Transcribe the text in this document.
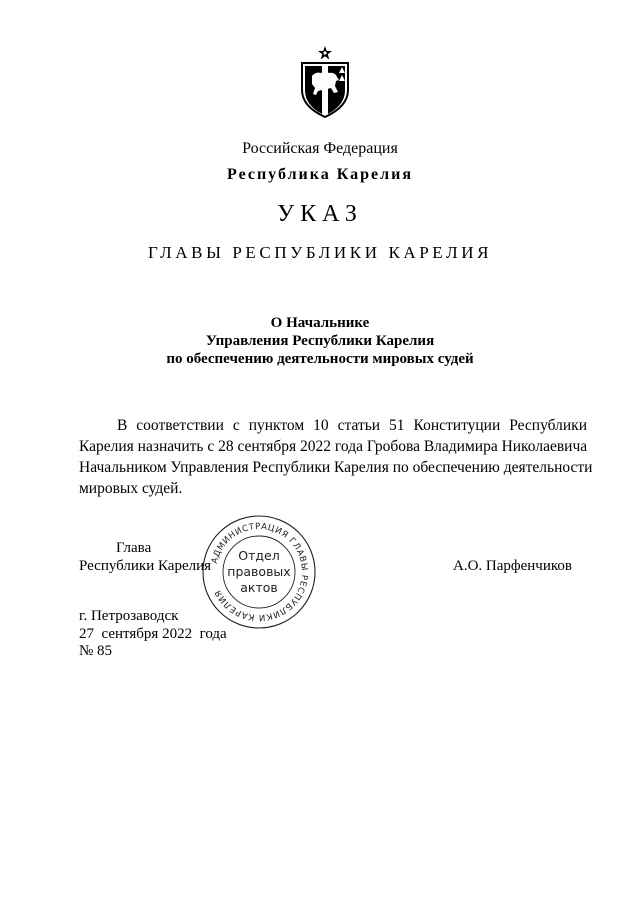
Российская Федерация
Республика Карелия
УКАЗ
ГЛАВЫ РЕСПУБЛИКИ КАРЕЛИЯ
О Начальнике
Управления Республики Карелия
по обеспечению деятельности мировых судей
В соответствии с пунктом 10 статьи 51 Конституции Республики
Карелия назначить с 28 сентября 2022 года Гробова Владимира Николаевича
Начальником Управления Республики Карелия по обеспечению деятельности
мировых судей.
Глава
Республики Карелия	А.О. Парфенчиков
АДМИНИСТРАЦИЯ ГЛАВЫ РЕСПУБЛИКИ КАРЕЛИЯ
Отдел
правовых
актов
г. Петрозаводск
27  сентября 2022  года
№ 85
